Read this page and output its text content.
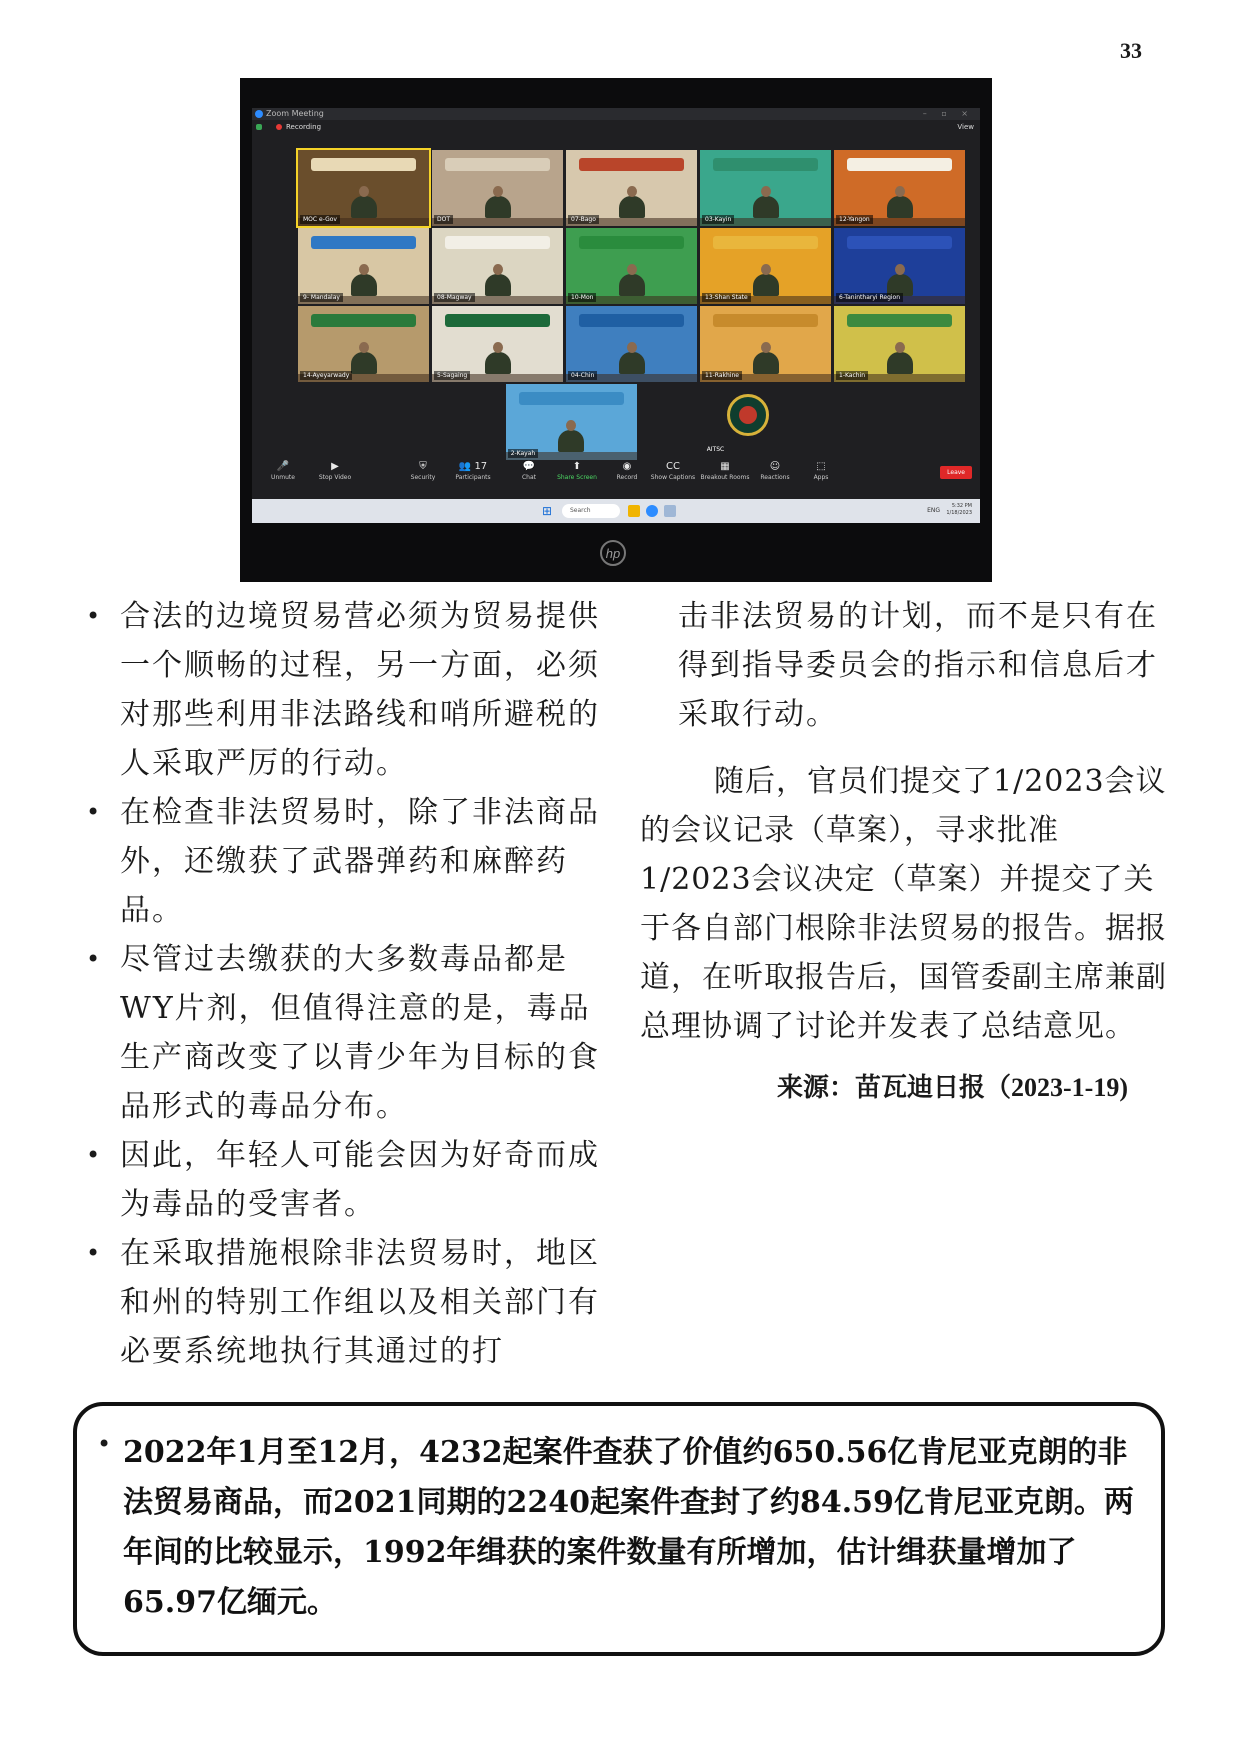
33
Zoom Meeting	– ▫ ×
Recording	View
MOC e-Gov	DOT	07-Bago	03-Kayin	12-Yangon
9- Mandalay	08-Magway	10-Mon	13-Shan State	6-Tanintharyi Region
14-Ayeyarwady	5-Sagaing	04-Chin	11-Rakhine	1-Kachin
2-Kayah
AITSC
Leave
🎤
Unmute
▶
Stop Video
⛨
Security
👥 17
Participants
💬
Chat
⬆
Share Screen
◉
Record
CC
Show Captions
▦
Breakout Rooms
☺
Reactions
⬚
Apps
⊞	Search	ENG
5:32 PM
1/18/2023
hp
• 合法的边境贸易营必须为贸易提供一个顺畅的过程，另一方面，必须对那些利用非法路线和哨所避税的人采取严厉的行动。
• 在检查非法贸易时，除了非法商品外，还缴获了武器弹药和麻醉药品。
• 尽管过去缴获的大多数毒品都是WY片剂，但值得注意的是，毒品生产商改变了以青少年为目标的食品形式的毒品分布。
• 因此，年轻人可能会因为好奇而成为毒品的受害者。
• 在采取措施根除非法贸易时，地区和州的特别工作组以及相关部门有必要系统地执行其通过的打

击非法贸易的计划，而不是只有在得到指导委员会的指示和信息后才采取行动。

随后，官员们提交了1/2023会议的会议记录（草案），寻求批准1/2023会议决定（草案）并提交了关于各自部门根除非法贸易的报告。据报道，在听取报告后，国管委副主席兼副总理协调了讨论并发表了总结意见。

来源：苗瓦迪日报（2023-1-19)
• 2022年1月至12月，4232起案件查获了价值约650.56亿肯尼亚克朗的非法贸易商品，而2021同期的2240起案件查封了约84.59亿肯尼亚克朗。两年间的比较显示，1992年缉获的案件数量有所增加，估计缉获量增加了65.97亿缅元。
